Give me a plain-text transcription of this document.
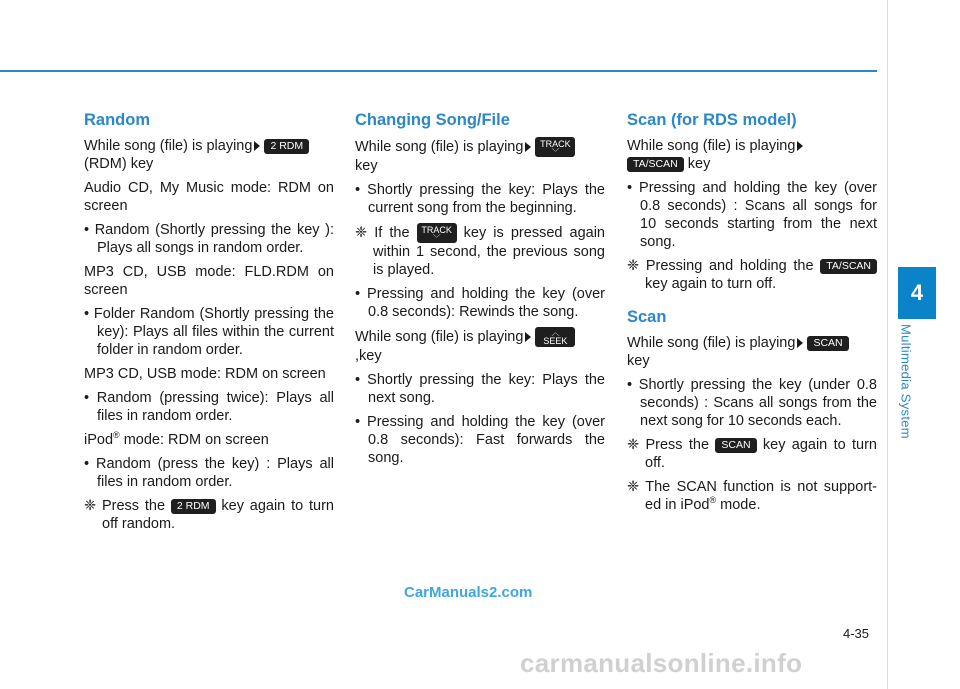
4
Multimedia System
Random

While song (file) is playing 2 RDM
(RDM) key

Audio CD, My Music mode: RDM on screen

• Random (Shortly pressing the key ): Plays all songs in random order.

MP3 CD, USB mode: FLD.RDM on screen

• Folder Random (Shortly pressing the key): Plays all files within the current folder in random order.

MP3 CD, USB mode: RDM on screen

• Random (pressing twice): Plays all files in random order.

iPod® mode: RDM on screen

• Random (press the key) : Plays all files in random order.
❈ Press the 2 RDM key again to turn off random.
Changing Song/File

While song (file) is playing TRACK
﹀

key

• Shortly pressing the key: Plays the current song from the beginning.
❈ If the TRACK
﹀ key is pressed again within 1 second, the previous song is played.
• Pressing and holding the key (over 0.8 seconds): Rewinds the song.

While song (file) is playing	︿
SEEK

,key

• Shortly pressing the key: Plays the next song.
• Pressing and holding the key (over 0.8 seconds): Fast forwards the song.
Scan (for RDS model)

While song (file) is playing
TA/SCAN key

• Pressing and holding the key (over 0.8 seconds) : Scans all songs for 10 seconds starting from the next song.
❈ Pressing and holding the TA/SCAN key again to turn off.
Scan

While song (file) is playing SCAN
key

• Shortly pressing the key (under 0.8 seconds) : Scans all songs from the next song for 10 seconds each.
❈ Press the SCAN key again to turn off.
❈ The SCAN function is not support-ed in iPod® mode.
CarManuals2.com
4-35
carmanualsonline.info
